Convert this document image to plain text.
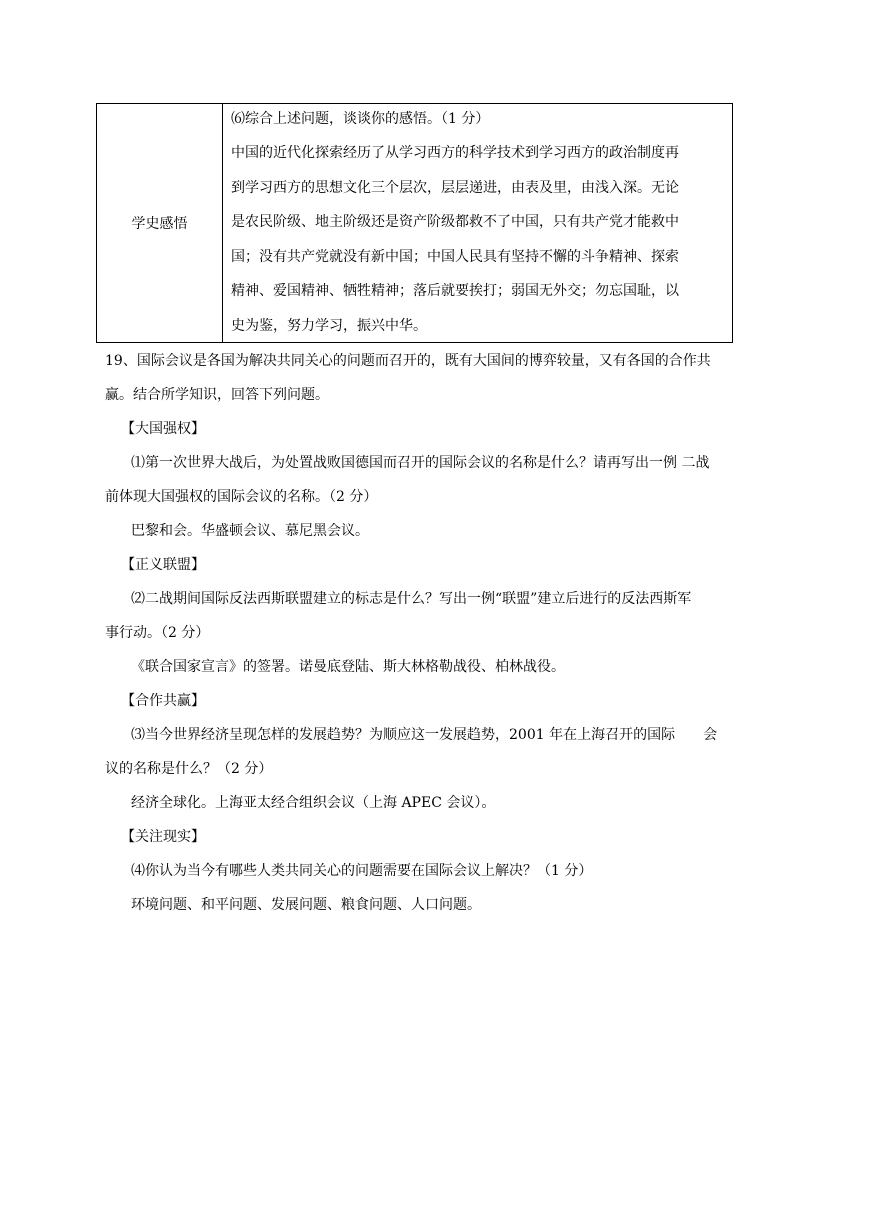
学史感悟
⑹综合上述问题，谈谈你的感悟。（1 分）
中国的近代化探索经历了从学习西方的科学技术到学习西方的政治制度再
到学习西方的思想文化三个层次，层层递进，由表及里，由浅入深。无论
是农民阶级、地主阶级还是资产阶级都救不了中国，只有共产党才能救中
国；没有共产党就没有新中国；中国人民具有坚持不懈的斗争精神、探索
精神、爱国精神、牺牲精神；落后就要挨打；弱国无外交；勿忘国耻，以
史为鉴，努力学习，振兴中华。
19、国际会议是各国为解决共同关心的问题而召开的，既有大国间的博弈较量，又有各国的合作共
赢。结合所学知识，回答下列问题。
【大国强权】
⑴第一次世界大战后，为处置战败国德国而召开的国际会议的名称是什么？请再写出一例 二战
前体现大国强权的国际会议的名称。（2 分）
巴黎和会。华盛顿会议、慕尼黑会议。
【正义联盟】
⑵二战期间国际反法西斯联盟建立的标志是什么？写出一例“联盟”建立后进行的反法西斯军
事行动。（2 分）
《联合国家宣言》的签署。诺曼底登陆、斯大林格勒战役、柏林战役。
【合作共赢】
⑶当今世界经济呈现怎样的发展趋势？为顺应这一发展趋势，2001 年在上海召开的国际　　会
议的名称是什么？（2 分）
经济全球化。上海亚太经合组织会议（上海 APEC 会议）。
【关注现实】
⑷你认为当今有哪些人类共同关心的问题需要在国际会议上解决？（1 分）
环境问题、和平问题、发展问题、粮食问题、人口问题。
